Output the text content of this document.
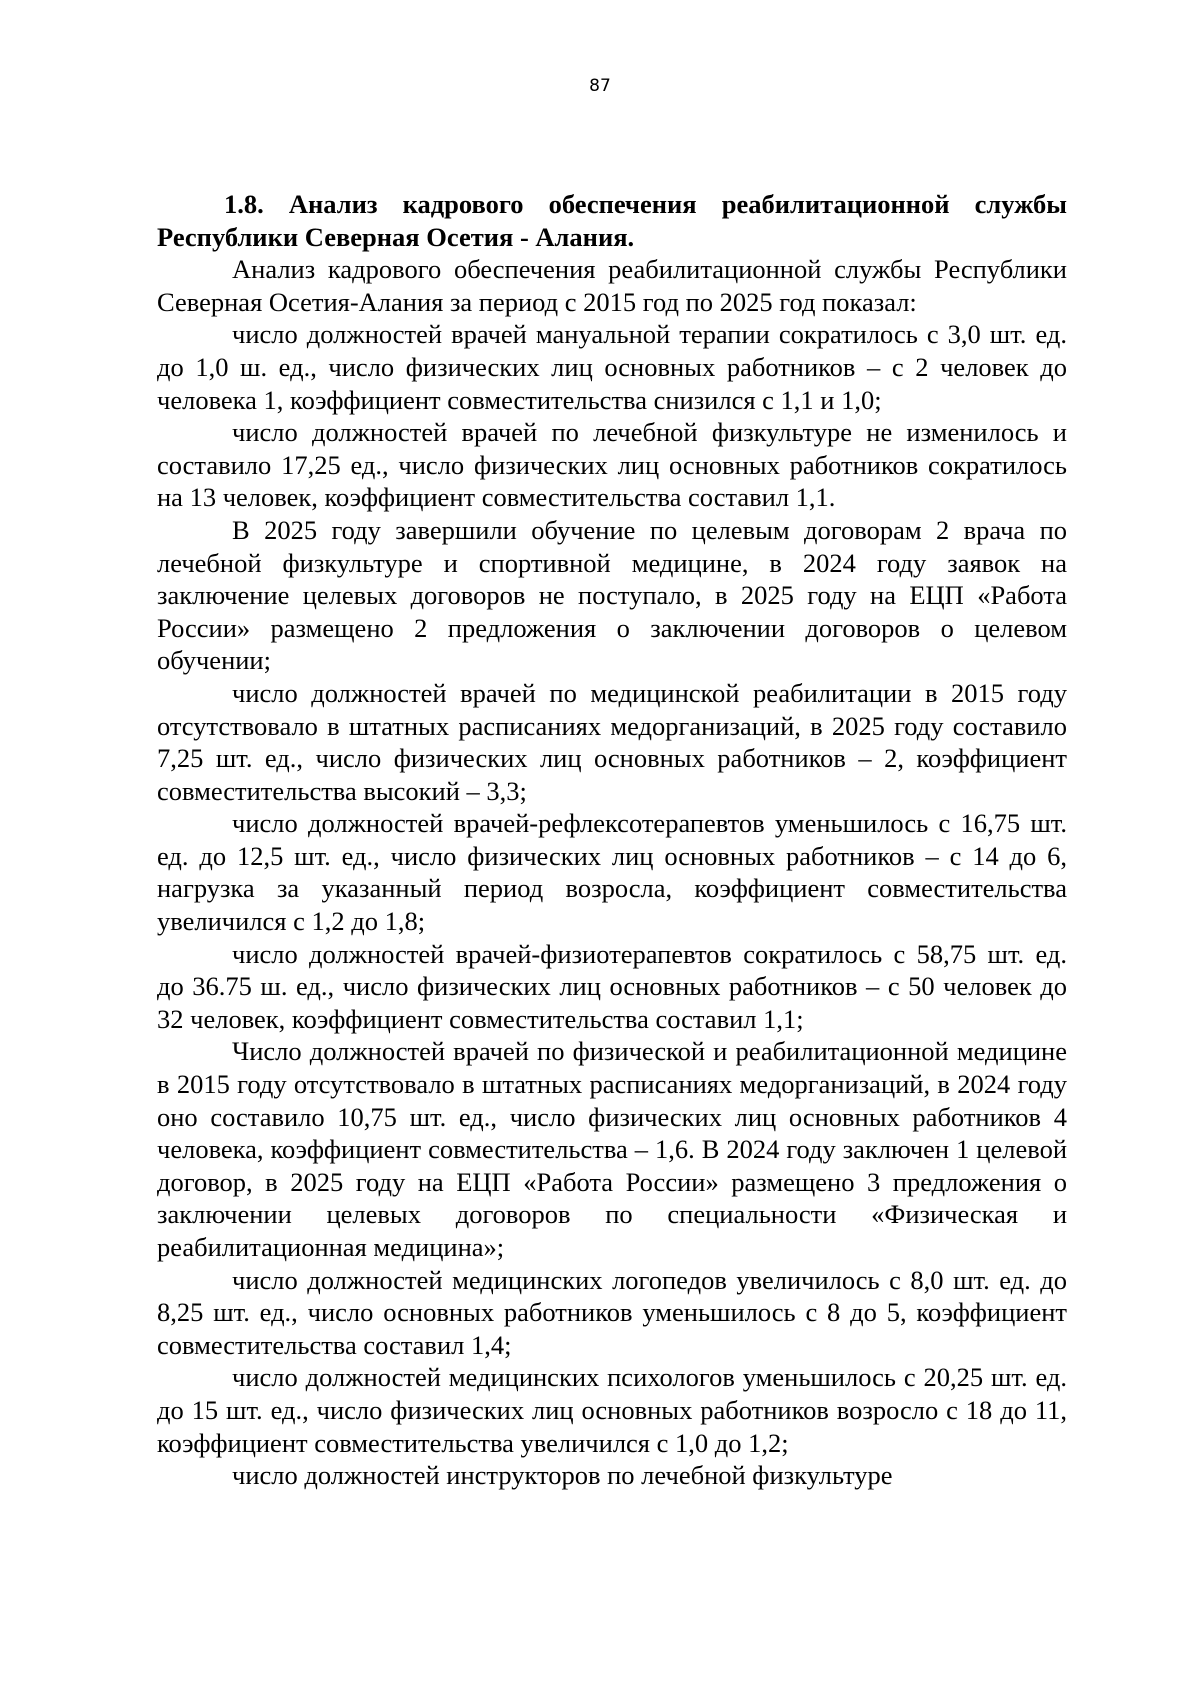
87

1.8. Анализ кадрового обеспечения реабилитационной службы Республики Северная Осетия - Алания.

Анализ кадрового обеспечения реабилитационной службы Республики Северная Осетия-Алания за период с 2015 год по 2025 год показал:

число должностей врачей мануальной терапии сократилось с 3,0 шт. ед. до 1,0 ш. ед., число физических лиц основных работников – с 2 человек до человека 1, коэффициент совместительства снизился с 1,1 и 1,0;

число должностей врачей по лечебной физкультуре не изменилось и составило 17,25 ед., число физических лиц основных работников сократилось на 13 человек, коэффициент совместительства составил 1,1.

В 2025 году завершили обучение по целевым договорам 2 врача по лечебной физкультуре и спортивной медицине, в 2024 году заявок на заключение целевых договоров не поступало, в 2025 году на ЕЦП «Работа России» размещено 2 предложения о заключении договоров о целевом обучении;

число должностей врачей по медицинской реабилитации в 2015 году отсутствовало в штатных расписаниях медорганизаций, в 2025 году составило 7,25 шт. ед., число физических лиц основных работников – 2, коэффициент совместительства высокий – 3,3;

число должностей врачей-рефлексотерапевтов уменьшилось с 16,75 шт. ед. до 12,5 шт. ед., число физических лиц основных работников – с 14 до 6, нагрузка за указанный период возросла, коэффициент совместительства увеличился с 1,2 до 1,8;

число должностей врачей-физиотерапевтов сократилось с 58,75 шт. ед. до 36.75 ш. ед., число физических лиц основных работников – с 50 человек до 32 человек, коэффициент совместительства составил 1,1;

Число должностей врачей по физической и реабилитационной медицине в 2015 году отсутствовало в штатных расписаниях медорганизаций, в 2024 году оно составило 10,75 шт. ед., число физических лиц основных работников 4 человека, коэффициент совместительства – 1,6. В 2024 году заключен 1 целевой договор, в 2025 году на ЕЦП «Работа России» размещено 3 предложения о заключении целевых договоров по специальности «Физическая и реабилитационная медицина»;

число должностей медицинских логопедов увеличилось с 8,0 шт. ед. до 8,25 шт. ед., число основных работников уменьшилось с 8 до 5, коэффициент совместительства составил 1,4;

число должностей медицинских психологов уменьшилось с 20,25 шт. ед. до 15 шт. ед., число физических лиц основных работников возросло с 18 до 11, коэффициент совместительства увеличился с 1,0 до 1,2;

число должностей инструкторов по лечебной физкультуре
